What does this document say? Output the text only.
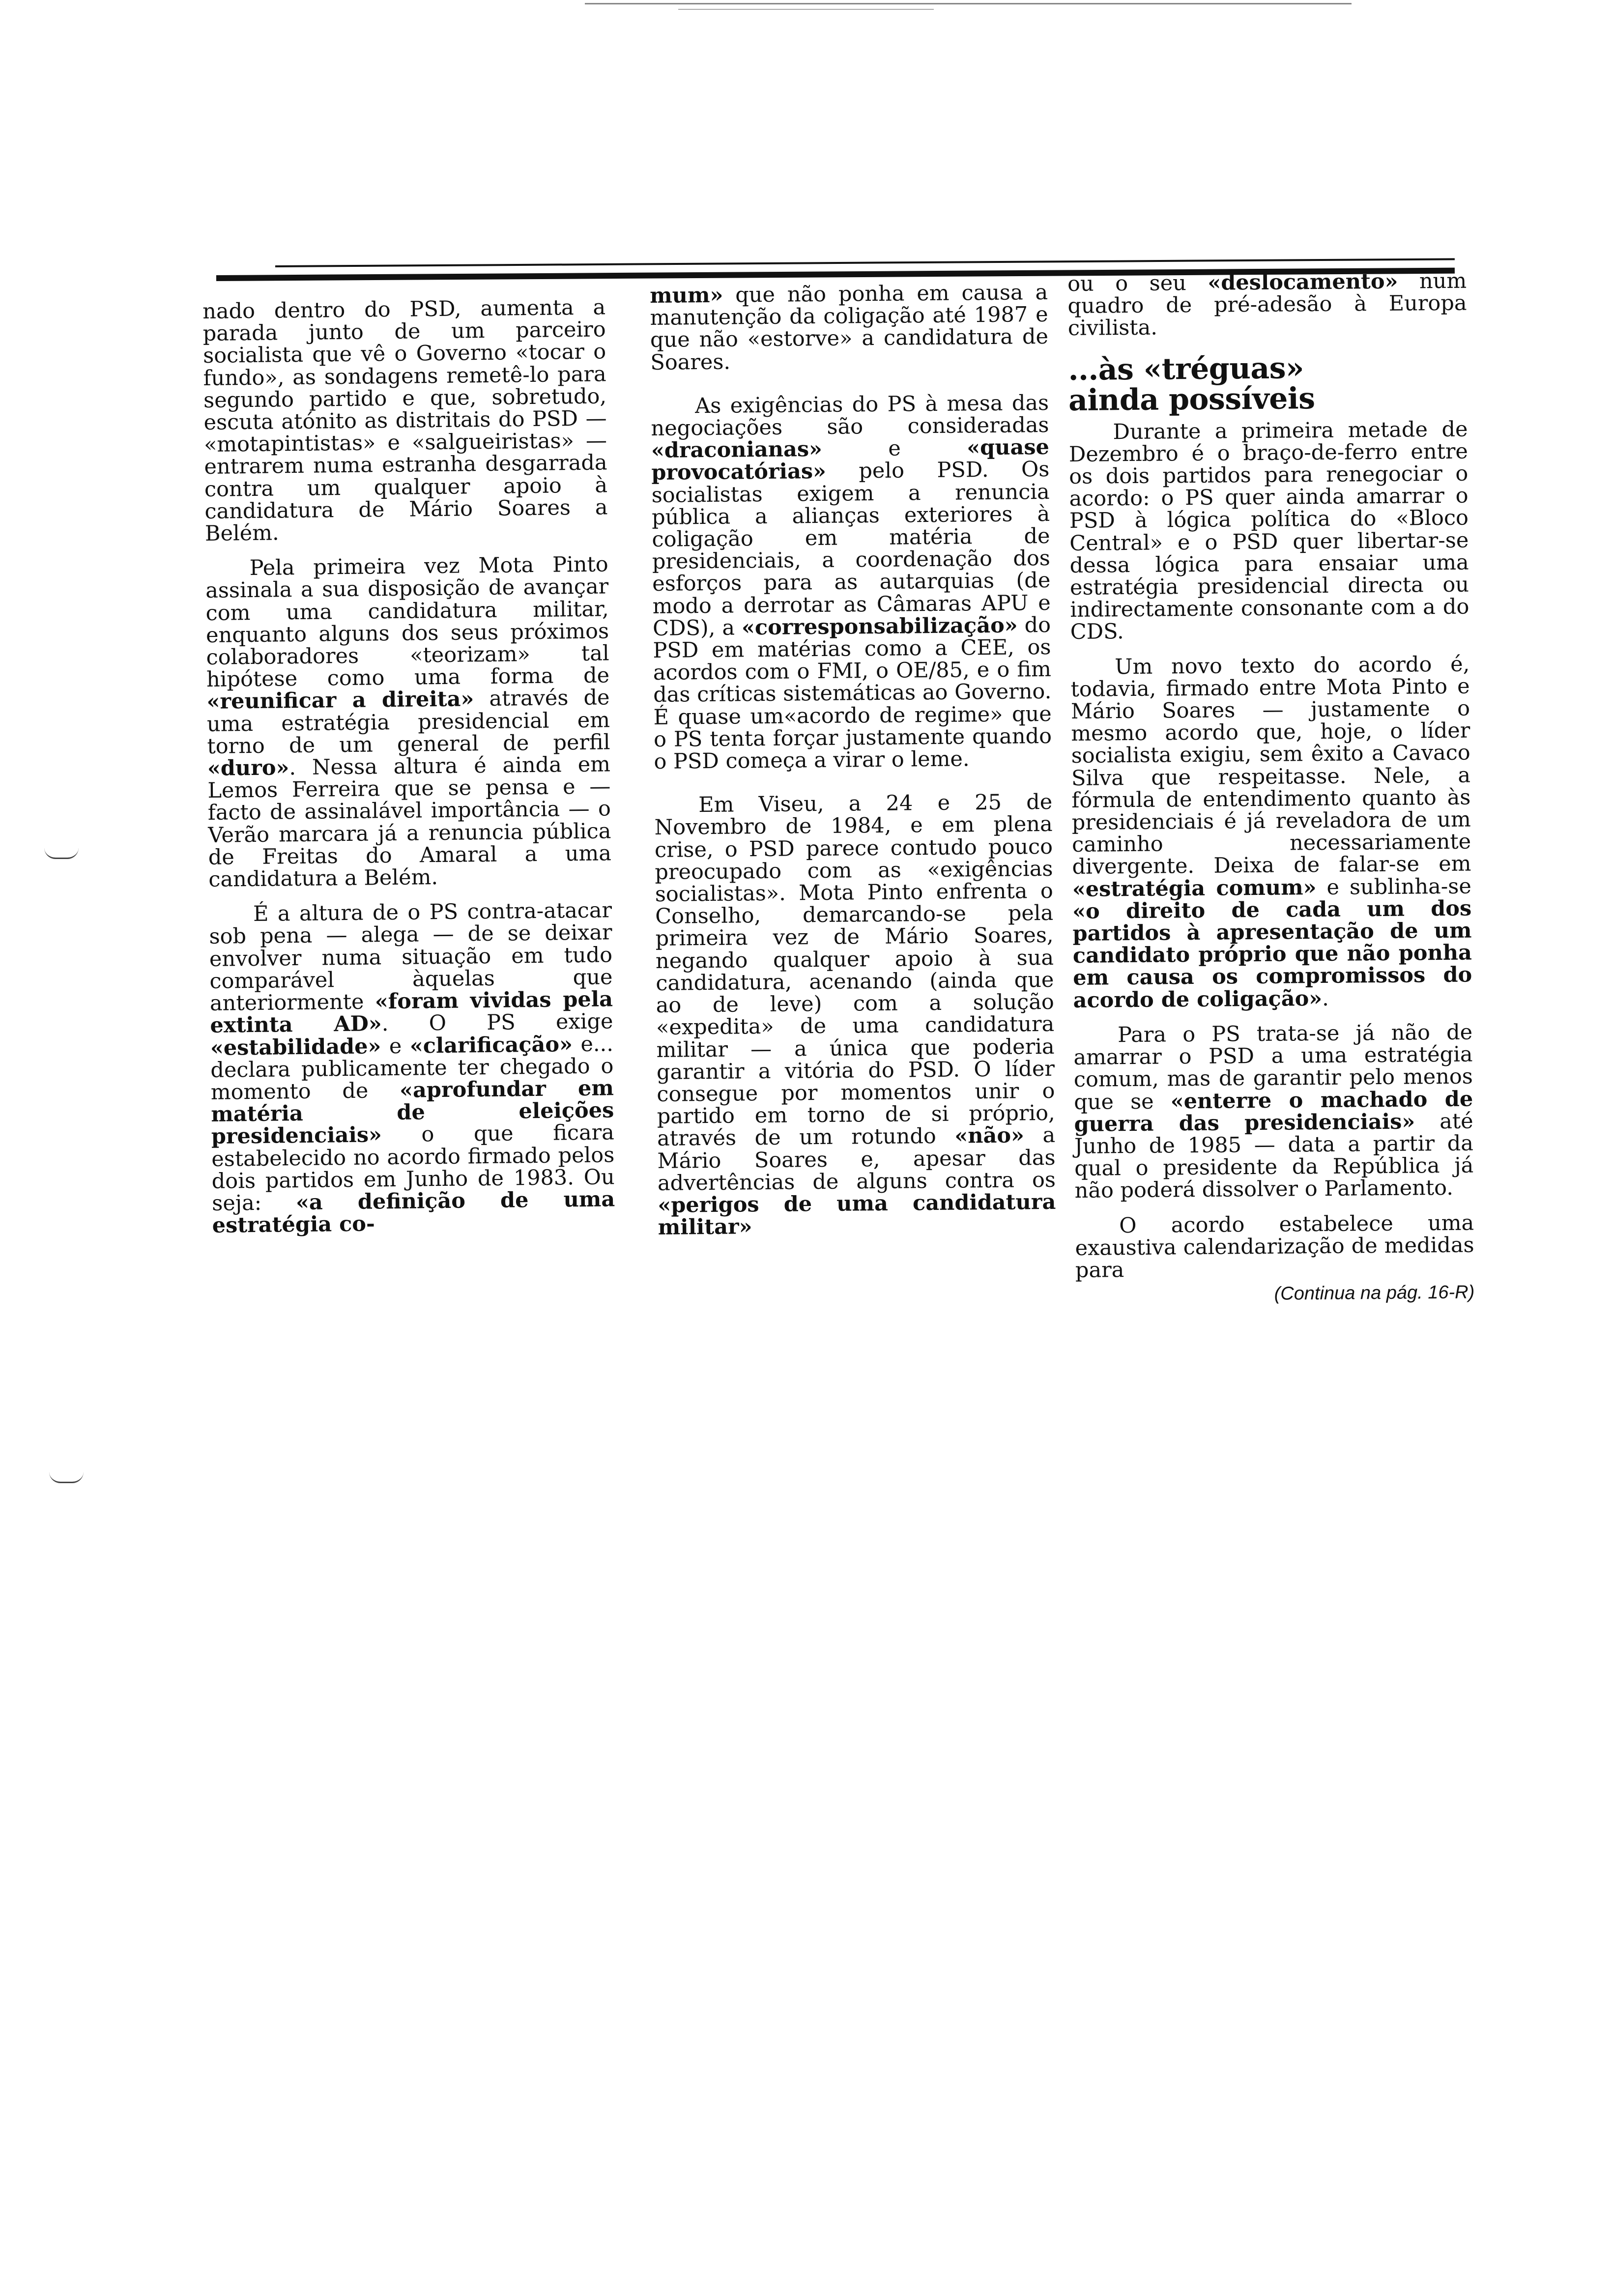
nado dentro do PSD, aumenta a parada junto de um parceiro socialista que vê o Governo «tocar o fundo», as sondagens remetê-lo para segundo partido e que, sobretudo, escuta atónito as distritais do PSD — «motapintistas» e «salgueiristas» — entrarem numa estranha desgarrada contra um qualquer apoio à candidatura de Mário Soares a Belém.

Pela primeira vez Mota Pinto assinala a sua disposição de avançar com uma candidatura militar, enquanto alguns dos seus próximos colaboradores «teorizam» tal hipótese como uma forma de «reunificar a direita» através de uma estratégia presidencial em torno de um general de perfil «duro». Nessa altura é ainda em Lemos Ferreira que se pensa e — facto de assinalável importância — o Verão marcara já a renuncia pública de Freitas do Amaral a uma candidatura a Belém.

É a altura de o PS contra-atacar sob pena — alega — de se deixar envolver numa situação em tudo comparável àquelas que anteriormente «foram vividas pela extinta AD». O PS exige «estabilidade» e «clarificação» e... declara publicamente ter chegado o momento de «aprofundar em matéria de eleições presidenciais» o que ficara estabelecido no acordo firmado pelos dois partidos em Junho de 1983. Ou seja: «a definição de uma estratégia co-

mum» que não ponha em causa a manutenção da coligação até 1987 e que não «estorve» a candidatura de Soares.

As exigências do PS à mesa das negociações são consideradas «draconianas» e «quase provocatórias» pelo PSD. Os socialistas exigem a renuncia pública a alianças exteriores à coligação em matéria de presidenciais, a coordenação dos esforços para as autarquias (de modo a derrotar as Câmaras APU e CDS), a «corresponsabilização» do PSD em matérias como a CEE, os acordos com o FMI, o OE/85, e o fim das críticas sistemáticas ao Governo. É quase um«acordo de regime» que o PS tenta forçar justamente quando o PSD começa a virar o leme.

Em Viseu, a 24 e 25 de Novembro de 1984, e em plena crise, o PSD parece contudo pouco preocupado com as «exigências socialistas». Mota Pinto enfrenta o Conselho, demarcando-se pela primeira vez de Mário Soares, negando qualquer apoio à sua candidatura, acenando (ainda que ao de leve) com a solução «expedita» de uma candidatura militar — a única que poderia garantir a vitória do PSD. O líder consegue por momentos unir o partido em torno de si próprio, através de um rotundo «não» a Mário Soares e, apesar das advertências de alguns contra os «perigos de uma candidatura militar»

ou o seu «deslocamento» num quadro de pré-adesão à Europa civilista.

...às «tréguas»
ainda possíveis

Durante a primeira metade de Dezembro é o braço-de-ferro entre os dois partidos para renegociar o acordo: o PS quer ainda amarrar o PSD à lógica política do «Bloco Central» e o PSD quer libertar-se dessa lógica para ensaiar uma estratégia presidencial directa ou indirectamente consonante com a do CDS.

Um novo texto do acordo é, todavia, firmado entre Mota Pinto e Mário Soares — justamente o mesmo acordo que, hoje, o líder socialista exigiu, sem êxito a Cavaco Silva que respeitasse. Nele, a fórmula de entendimento quanto às presidenciais é já reveladora de um caminho necessariamente divergente. Deixa de falar-se em «estratégia comum» e sublinha-se «o direito de cada um dos partidos à apresentação de um candidato próprio que não ponha em causa os compromissos do acordo de coligação».

Para o PS trata-se já não de amarrar o PSD a uma estratégia comum, mas de garantir pelo menos que se «enterre o machado de guerra das presidenciais» até Junho de 1985 — data a partir da qual o presidente da República já não poderá dissolver o Parlamento.

O acordo estabelece uma exaustiva calendarização de medidas para

(Continua na pág. 16-R)
